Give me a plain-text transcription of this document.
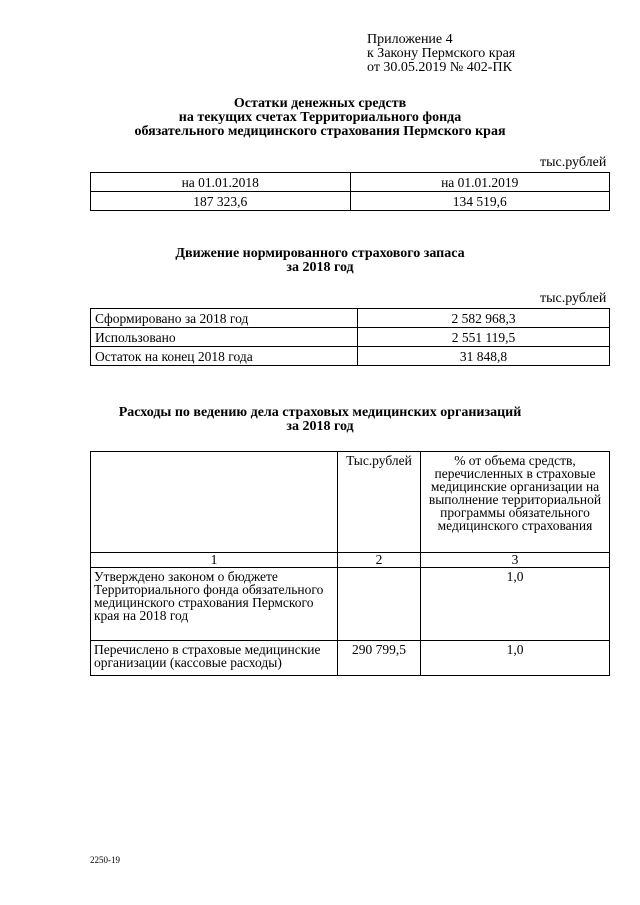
Приложение 4
к Закону Пермского края
от 30.05.2019 № 402-ПК
Остатки денежных средств
на текущих счетах Территориального фонда
обязательного медицинского страхования Пермского края
тыс.рублей
на 01.01.2018	на 01.01.2019
187 323,6	134 519,6
Движение нормированного страхового запаса
за 2018 год
тыс.рублей
Сформировано за 2018 год	2 582 968,3
Использовано	2 551 119,5
Остаток на конец 2018 года	31 848,8
Расходы по ведению дела страховых медицинских организаций
за 2018 год
	Тыс.рублей	% от объема средств, перечисленных в страховые медицинские организации на выполнение территориальной программы обязательного медицинского страхования
1	2	3
Утверждено законом о бюджете Территориального фонда обязательного медицинского страхования Пермского края на 2018 год		1,0
Перечислено в страховые медицинские организации (кассовые расходы)	290 799,5	1,0
2250-19
